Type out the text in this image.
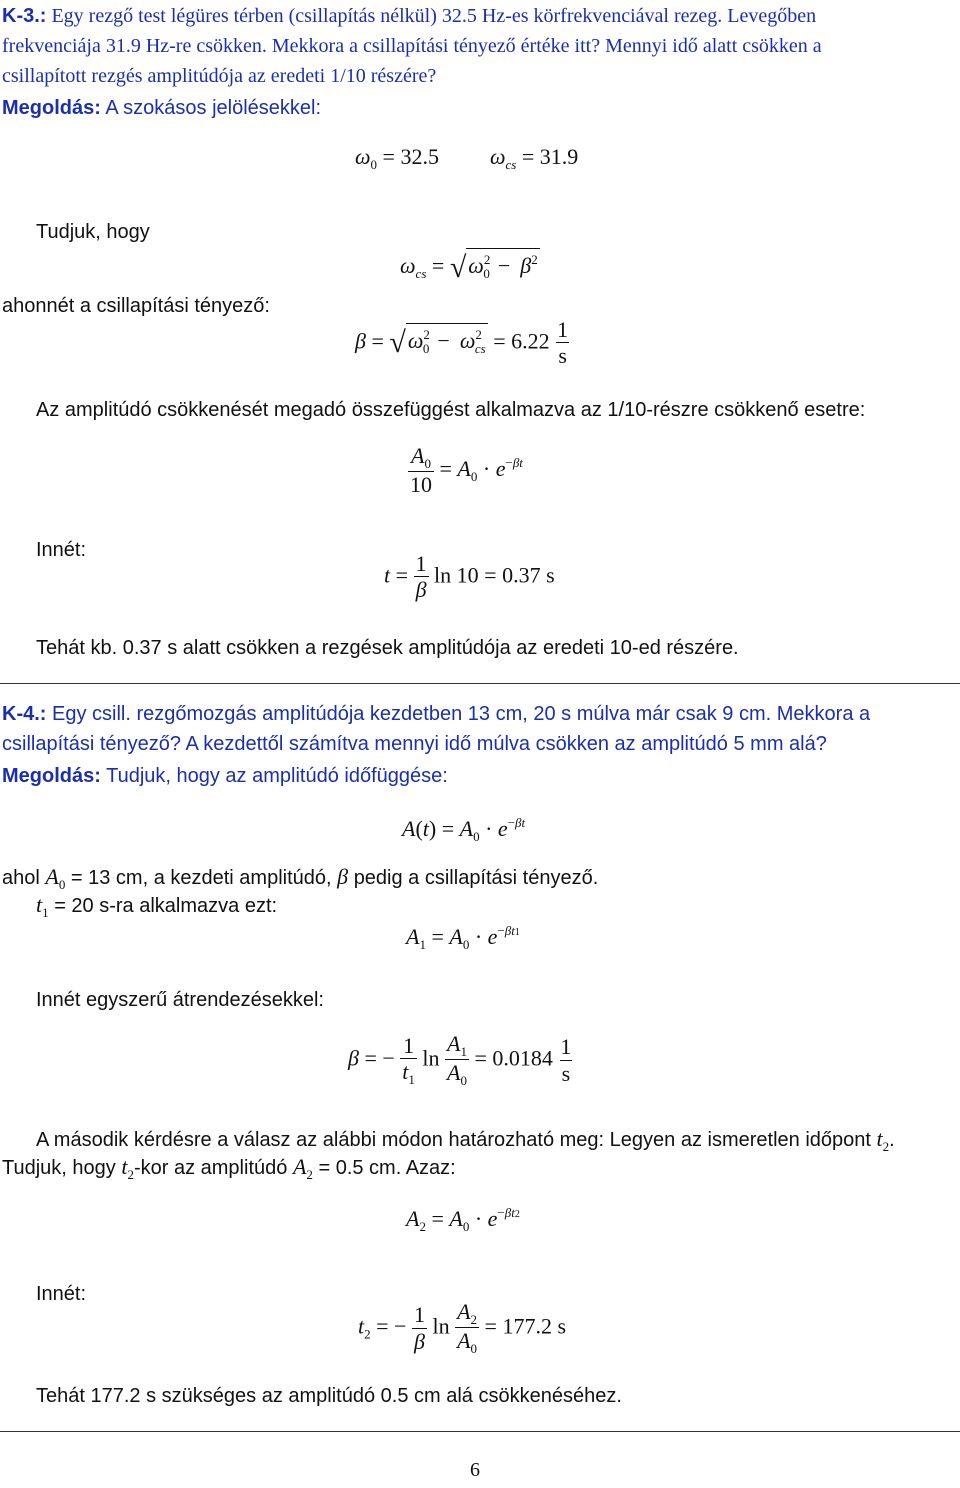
K-3.: Egy rezgő test légüres térben (csillapítás nélkül) 32.5 Hz-es körfrekvenciával rezeg. Levegőben
frekvenciája 31.9 Hz-re csökken. Mekkora a csillapítási tényező értéke itt? Mennyi idő alatt csökken a
csillapított rezgés amplitúdója az eredeti 1/10 részére?
Megoldás: A szokásos jelölésekkel:
$\omega_0 = 32.5$ $\omega_{cs} = 31.9$
Tudjuk, hogy
$\omega_{cs} = √\omega^2_0 - \beta^2$
ahonnét a csillapítási tényező:
$\beta = √\omega^2_0 - \omega^2_{cs} = 6.22 \frac{1}{s}$
Az amplitúdó csökkenését megadó összefüggést alkalmazva az 1/10-részre csökkenő esetre:
$\frac{A_0}{10} = A_0 \cdot e^{-\beta t}$
Innét:
$t = \frac{1}{\beta}$ ln 10 = 0.37 s
Tehát kb. 0.37 s alatt csökken a rezgések amplitúdója az eredeti 10-ed részére.
K-4.: Egy csill. rezgőmozgás amplitúdója kezdetben 13 cm, 20 s múlva már csak 9 cm. Mekkora a
csillapítási tényező? A kezdettől számítva mennyi idő múlva csökken az amplitúdó 5 mm alá?
Megoldás: Tudjuk, hogy az amplitúdó időfüggése:
$A(t) = A_0 \cdot e^{-\beta t}$
ahol $A_0 = 13$ cm, a kezdeti amplitúdó, β pedig a csillapítási tényező.
$t_1 = 20$ s-ra alkalmazva ezt:
$A_1 = A_0 \cdot e^{-\beta t1}$
Innét egyszerű átrendezésekkel:
β = − $\frac{1}{t_1}$ $\ln \frac{A_1}{A_0} = 0.0184 \frac{1}{s}$
A második kérdésre a válasz az alábbi módon határozható meg: Legyen az ismeretlen időpont $t_2$.
Tudjuk, hogy $t_2$-kor az amplitúdó $A_2 = 0.5$ cm. Azaz:
$A_2 = A_0 \cdot e^{-\beta t2}$
Innét:
$t_2$ = − $\frac{1}{\beta}$ $\ln \frac{A_2}{A_0} = 177.2$ s
Tehát 177.2 s szükséges az amplitúdó 0.5 cm alá csökkenéséhez.
6
